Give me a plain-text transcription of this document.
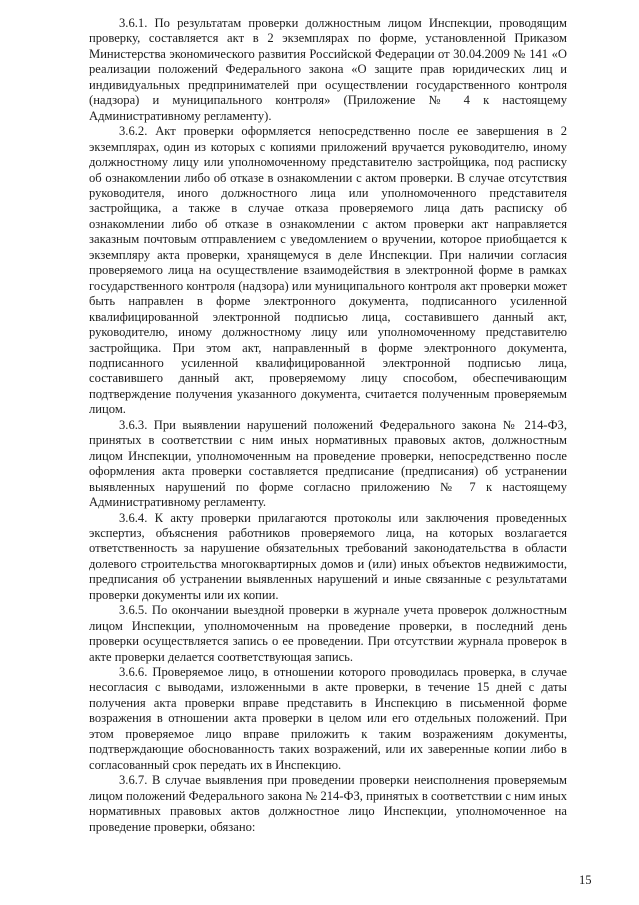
3.6.1. По результатам проверки должностным лицом Инспекции, проводящим проверку, составляется акт в 2 экземплярах по форме, установленной Приказом Министерства экономического развития Российской Федерации от 30.04.2009 № 141 «О реализации положений Федерального закона «О защите прав юридических лиц и индивидуальных предпринимателей при осуществлении государственного контроля (надзора) и муниципального контроля» (Приложение № 4 к настоящему Административному регламенту).

3.6.2. Акт проверки оформляется непосредственно после ее завершения в 2 экземплярах, один из которых с копиями приложений вручается руководителю, иному должностному лицу или уполномоченному представителю застройщика, под расписку об ознакомлении либо об отказе в ознакомлении с актом проверки. В случае отсутствия руководителя, иного должностного лица или уполномоченного представителя застройщика, а также в случае отказа проверяемого лица дать расписку об ознакомлении либо об отказе в ознакомлении с актом проверки акт направляется заказным почтовым отправлением с уведомлением о вручении, которое приобщается к экземпляру акта проверки, хранящемуся в деле Инспекции. При наличии согласия проверяемого лица на осуществление взаимодействия в электронной форме в рамках государственного контроля (надзора) или муниципального контроля акт проверки может быть направлен в форме электронного документа, подписанного усиленной квалифицированной электронной подписью лица, составившего данный акт, руководителю, иному должностному лицу или уполномоченному представителю застройщика. При этом акт, направленный в форме электронного документа, подписанного усиленной квалифицированной электронной подписью лица, составившего данный акт, проверяемому лицу способом, обеспечивающим подтверждение получения указанного документа, считается полученным проверяемым лицом.

3.6.3. При выявлении нарушений положений Федерального закона № 214-ФЗ, принятых в соответствии с ним иных нормативных правовых актов, должностным лицом Инспекции, уполномоченным на проведение проверки, непосредственно после оформления акта проверки составляется предписание (предписания) об устранении выявленных нарушений по форме согласно приложению № 7 к настоящему Административному регламенту.

3.6.4. К акту проверки прилагаются протоколы или заключения проведенных экспертиз, объяснения работников проверяемого лица, на которых возлагается ответственность за нарушение обязательных требований законодательства в области долевого строительства многоквартирных домов и (или) иных объектов недвижимости, предписания об устранении выявленных нарушений и иные связанные с результатами проверки документы или их копии.

3.6.5. По окончании выездной проверки в журнале учета проверок должностным лицом Инспекции, уполномоченным на проведение проверки, в последний день проверки осуществляется запись о ее проведении. При отсутствии журнала проверок в акте проверки делается соответствующая запись.

3.6.6. Проверяемое лицо, в отношении которого проводилась проверка, в случае несогласия с выводами, изложенными в акте проверки, в течение 15 дней с даты получения акта проверки вправе представить в Инспекцию в письменной форме возражения в отношении акта проверки в целом или его отдельных положений. При этом проверяемое лицо вправе приложить к таким возражениям документы, подтверждающие обоснованность таких возражений, или их заверенные копии либо в согласованный срок передать их в Инспекцию.

3.6.7. В случае выявления при проведении проверки неисполнения проверяемым лицом положений Федерального закона № 214-ФЗ, принятых в соответствии с ним иных нормативных правовых актов должностное лицо Инспекции, уполномоченное на проведение проверки, обязано:

15
